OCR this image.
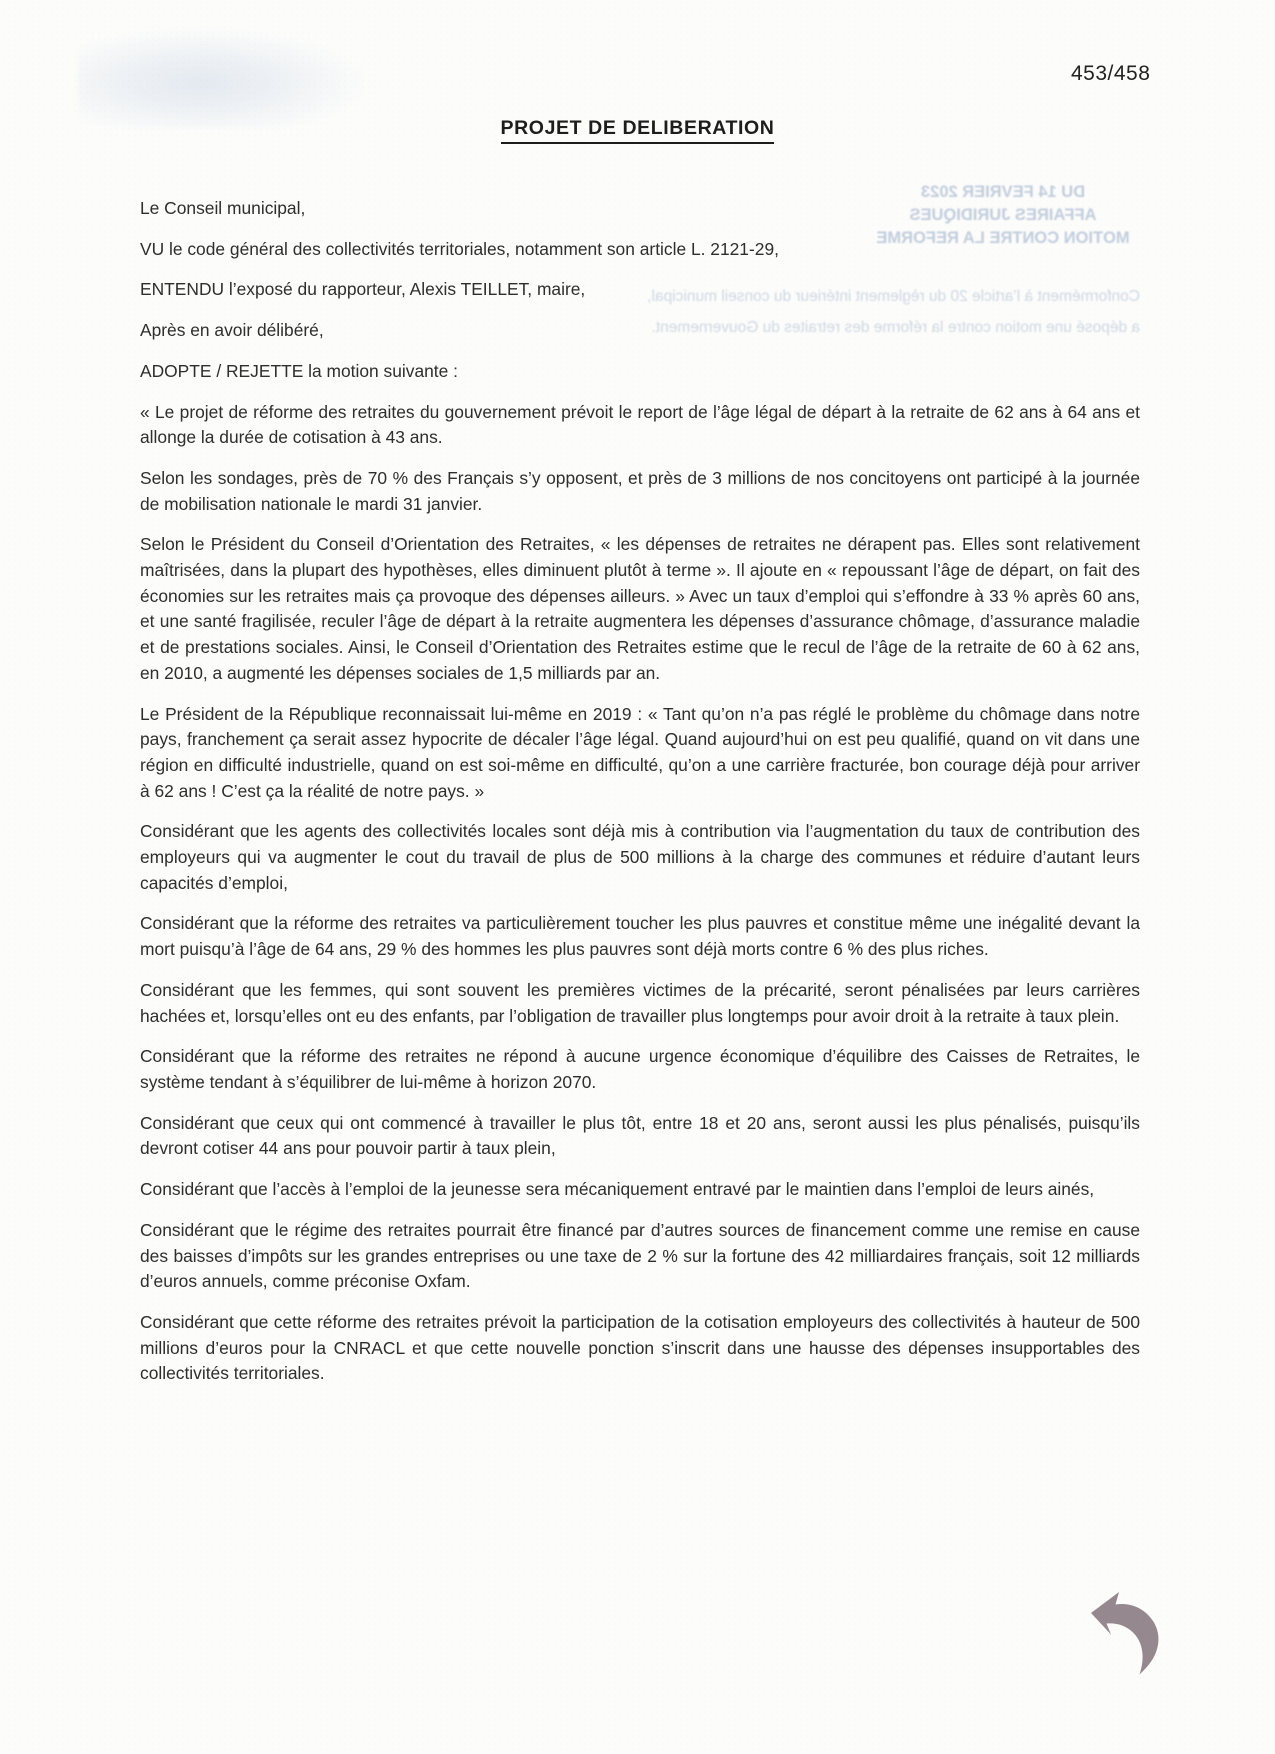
DU 14 FEVRIER 2023
AFFAIRES JURIDIQUES
MOTION CONTRE LA REFORME
Conformément à l’article 20 du règlement intérieur du conseil municipal,
a déposé une motion contre la réforme des retraites du Gouvernement.
453/458
PROJET DE DELIBERATION

Le Conseil municipal,

VU le code général des collectivités territoriales, notamment son article L. 2121-29,

ENTENDU l’exposé du rapporteur, Alexis TEILLET, maire,

Après en avoir délibéré,

ADOPTE / REJETTE la motion suivante :

« Le projet de réforme des retraites du gouvernement prévoit le report de l’âge légal de départ à la retraite de 62 ans à 64 ans et allonge la durée de cotisation à 43 ans.

Selon les sondages, près de 70 % des Français s’y opposent, et près de 3 millions de nos concitoyens ont participé à la journée de mobilisation nationale le mardi 31 janvier.

Selon le Président du Conseil d’Orientation des Retraites, « les dépenses de retraites ne dérapent pas. Elles sont relativement maîtrisées, dans la plupart des hypothèses, elles diminuent plutôt à terme ». Il ajoute en « repoussant l’âge de départ, on fait des économies sur les retraites mais ça provoque des dépenses ailleurs. » Avec un taux d’emploi qui s’effondre à 33 % après 60 ans, et une santé fragilisée, reculer l’âge de départ à la retraite augmentera les dépenses d’assurance chômage, d’assurance maladie et de prestations sociales. Ainsi, le Conseil d’Orientation des Retraites estime que le recul de l’âge de la retraite de 60 à 62 ans, en 2010, a augmenté les dépenses sociales de 1,5 milliards par an.

Le Président de la République reconnaissait lui-même en 2019 : « Tant qu’on n’a pas réglé le problème du chômage dans notre pays, franchement ça serait assez hypocrite de décaler l’âge légal. Quand aujourd’hui on est peu qualifié, quand on vit dans une région en difficulté industrielle, quand on est soi-même en difficulté, qu’on a une carrière fracturée, bon courage déjà pour arriver à 62 ans ! C’est ça la réalité de notre pays. »

Considérant que les agents des collectivités locales sont déjà mis à contribution via l’augmentation du taux de contribution des employeurs qui va augmenter le cout du travail de plus de 500 millions à la charge des communes et réduire d’autant leurs capacités d’emploi,

Considérant que la réforme des retraites va particulièrement toucher les plus pauvres et constitue même une inégalité devant la mort puisqu’à l’âge de 64 ans, 29 % des hommes les plus pauvres sont déjà morts contre 6 % des plus riches.

Considérant que les femmes, qui sont souvent les premières victimes de la précarité, seront pénalisées par leurs carrières hachées et, lorsqu’elles ont eu des enfants, par l’obligation de travailler plus longtemps pour avoir droit à la retraite à taux plein.

Considérant que la réforme des retraites ne répond à aucune urgence économique d’équilibre des Caisses de Retraites, le système tendant à s’équilibrer de lui-même à horizon 2070.

Considérant que ceux qui ont commencé à travailler le plus tôt, entre 18 et 20 ans, seront aussi les plus pénalisés, puisqu’ils devront cotiser 44 ans pour pouvoir partir à taux plein,

Considérant que l’accès à l’emploi de la jeunesse sera mécaniquement entravé par le maintien dans l’emploi de leurs ainés,

Considérant que le régime des retraites pourrait être financé par d’autres sources de financement comme une remise en cause des baisses d’impôts sur les grandes entreprises ou une taxe de 2 % sur la fortune des 42 milliardaires français, soit 12 milliards d’euros annuels, comme préconise Oxfam.

Considérant que cette réforme des retraites prévoit la participation de la cotisation employeurs des collectivités à hauteur de 500 millions d’euros pour la CNRACL et que cette nouvelle ponction s’inscrit dans une hausse des dépenses insupportables des collectivités territoriales.
